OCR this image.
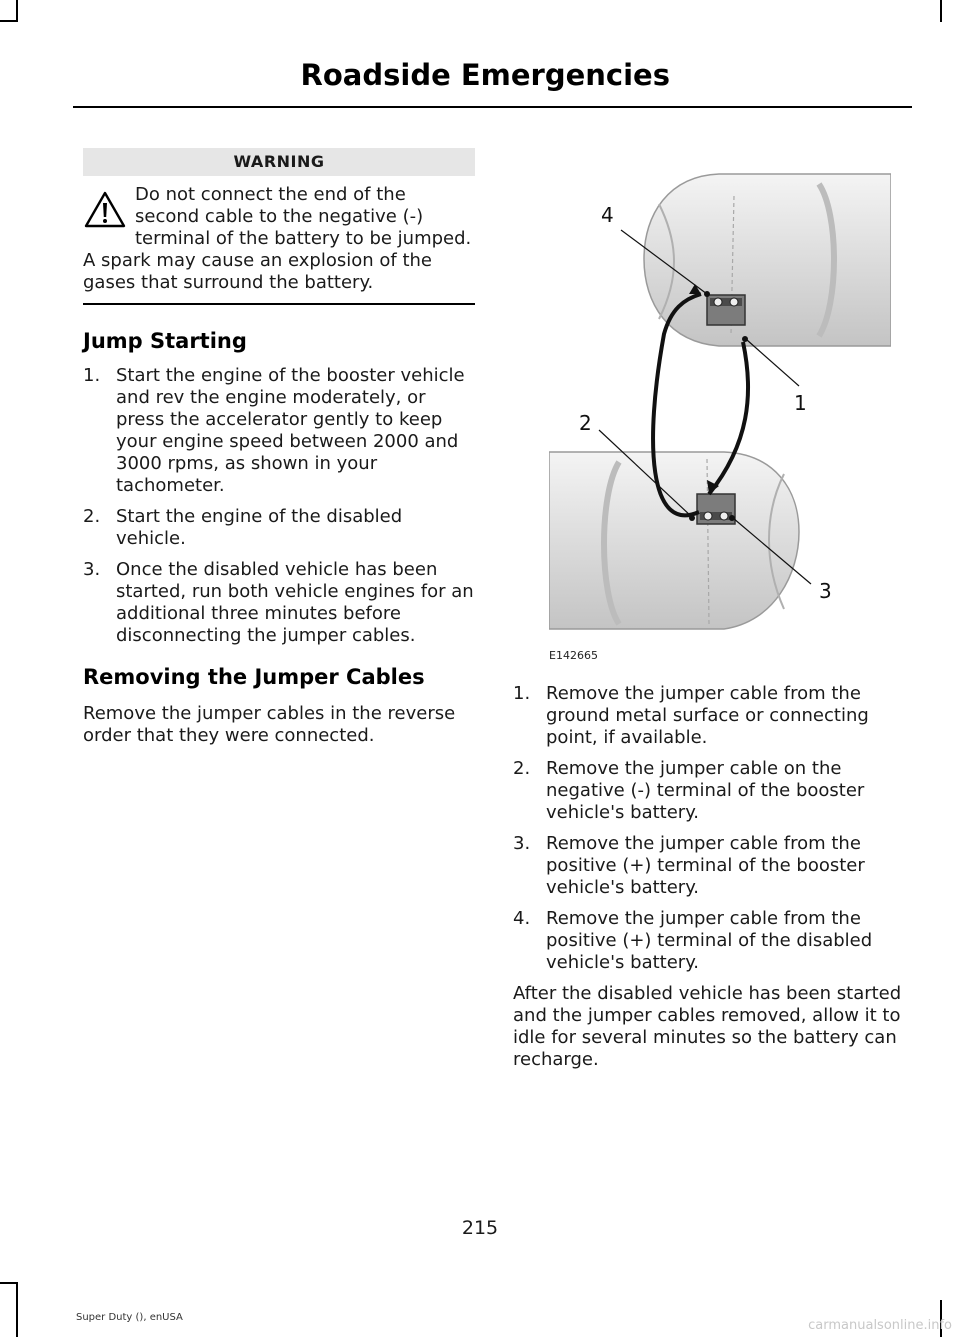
Roadside Emergencies
WARNING
Do not connect the end of the second cable to the negative (-) terminal of the battery to be jumped.
A spark may cause an explosion of the gases that surround the battery.
Jump Starting
1. Start the engine of the booster vehicle and rev the engine moderately, or press the accelerator gently to keep your engine speed between 2000 and 3000 rpms, as shown in your tachometer.
2. Start the engine of the disabled vehicle.
3. Once the disabled vehicle has been started, run both vehicle engines for an additional three minutes before disconnecting the jumper cables.
Removing the Jumper Cables

Remove the jumper cables in the reverse order that they were connected.

4
1
2
3
E142665
1. Remove the jumper cable from the ground metal surface or connecting point, if available.
2. Remove the jumper cable on the negative (-) terminal of the booster vehicle's battery.
3. Remove the jumper cable from the positive (+) terminal of the booster vehicle's battery.
4. Remove the jumper cable from the positive (+) terminal of the disabled vehicle's battery.

After the disabled vehicle has been started and the jumper cables removed, allow it to idle for several minutes so the battery can recharge.

215
Super Duty (), enUSA
carmanualsonline.info
